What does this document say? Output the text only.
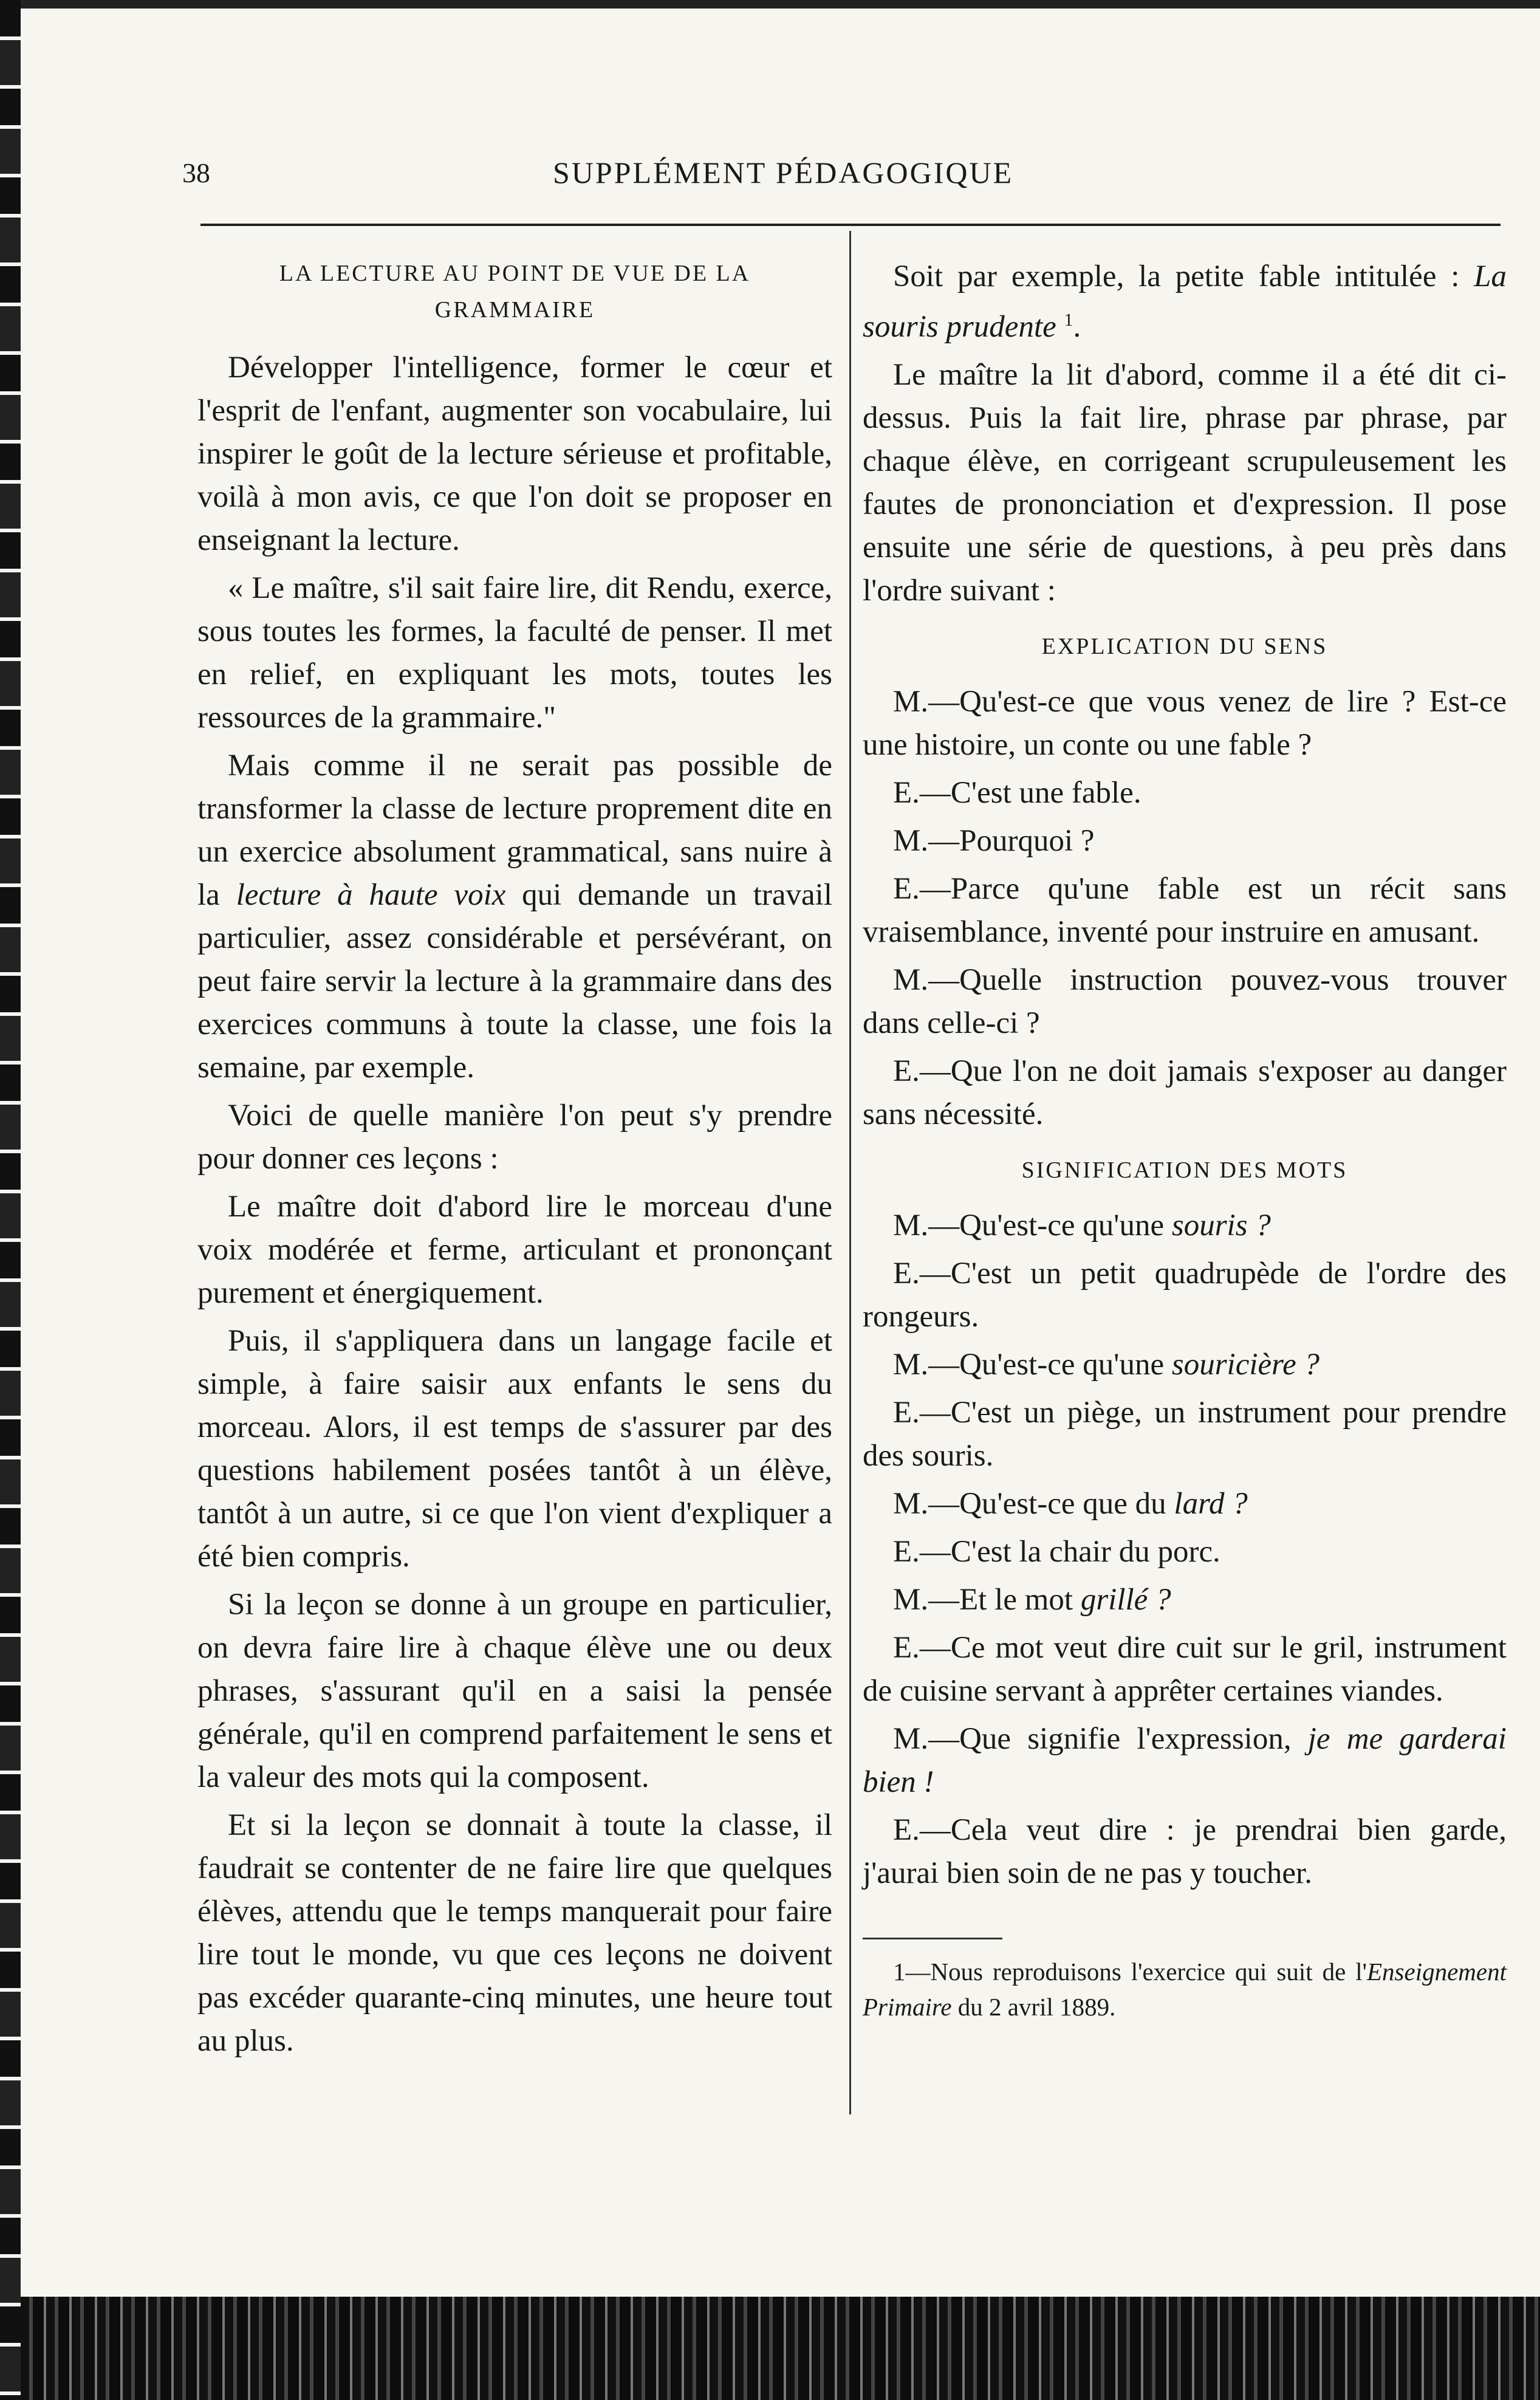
38	SUPPLÉMENT PÉDAGOGIQUE
LA LECTURE AU POINT DE VUE DE LA GRAMMAIRE

Développer l'intelligence, former le cœur et l'esprit de l'enfant, augmenter son vocabulaire, lui inspirer le goût de la lecture sérieuse et profitable, voilà à mon avis, ce que l'on doit se proposer en enseignant la lecture.

« Le maître, s'il sait faire lire, dit Rendu, exerce, sous toutes les formes, la faculté de penser. Il met en relief, en expliquant les mots, toutes les ressources de la grammaire."

Mais comme il ne serait pas possible de transformer la classe de lecture proprement dite en un exercice absolument grammatical, sans nuire à la lecture à haute voix qui demande un travail particulier, assez considérable et persévérant, on peut faire servir la lecture à la grammaire dans des exercices communs à toute la classe, une fois la semaine, par exemple.

Voici de quelle manière l'on peut s'y prendre pour donner ces leçons :

Le maître doit d'abord lire le morceau d'une voix modérée et ferme, articulant et prononçant purement et énergiquement.

Puis, il s'appliquera dans un langage facile et simple, à faire saisir aux enfants le sens du morceau. Alors, il est temps de s'assurer par des questions habilement posées tantôt à un élève, tantôt à un autre, si ce que l'on vient d'expliquer a été bien compris.

Si la leçon se donne à un groupe en particulier, on devra faire lire à chaque élève une ou deux phrases, s'assurant qu'il en a saisi la pensée générale, qu'il en comprend parfaitement le sens et la valeur des mots qui la composent.

Et si la leçon se donnait à toute la classe, il faudrait se contenter de ne faire lire que quelques élèves, attendu que le temps manquerait pour faire lire tout le monde, vu que ces leçons ne doivent pas excéder quarante-cinq minutes, une heure tout au plus.

Soit par exemple, la petite fable intitulée : La souris prudente $^1$.

Le maître la lit d'abord, comme il a été dit ci-dessus. Puis la fait lire, phrase par phrase, par chaque élève, en corrigeant scrupuleusement les fautes de prononciation et d'expression. Il pose ensuite une série de questions, à peu près dans l'ordre suivant :

EXPLICATION DU SENS

M.—Qu'est-ce que vous venez de lire ? Est-ce une histoire, un conte ou une fable ?

E.—C'est une fable.

M.—Pourquoi ?

E.—Parce qu'une fable est un récit sans vraisemblance, inventé pour instruire en amusant.

M.—Quelle instruction pouvez-vous trouver dans celle-ci ?

E.—Que l'on ne doit jamais s'exposer au danger sans nécessité.

SIGNIFICATION DES MOTS

M.—Qu'est-ce qu'une souris ?

E.—C'est un petit quadrupède de l'ordre des rongeurs.

M.—Qu'est-ce qu'une souricière ?

E.—C'est un piège, un instrument pour prendre des souris.

M.—Qu'est-ce que du lard ?

E.—C'est la chair du porc.

M.—Et le mot grillé ?

E.—Ce mot veut dire cuit sur le gril, instrument de cuisine servant à apprêter certaines viandes.

M.—Que signifie l'expression, je me garderai bien !

E.—Cela veut dire : je prendrai bien garde, j'aurai bien soin de ne pas y toucher.

1—Nous reproduisons l'exercice qui suit de l'Enseignement Primaire du 2 avril 1889.
